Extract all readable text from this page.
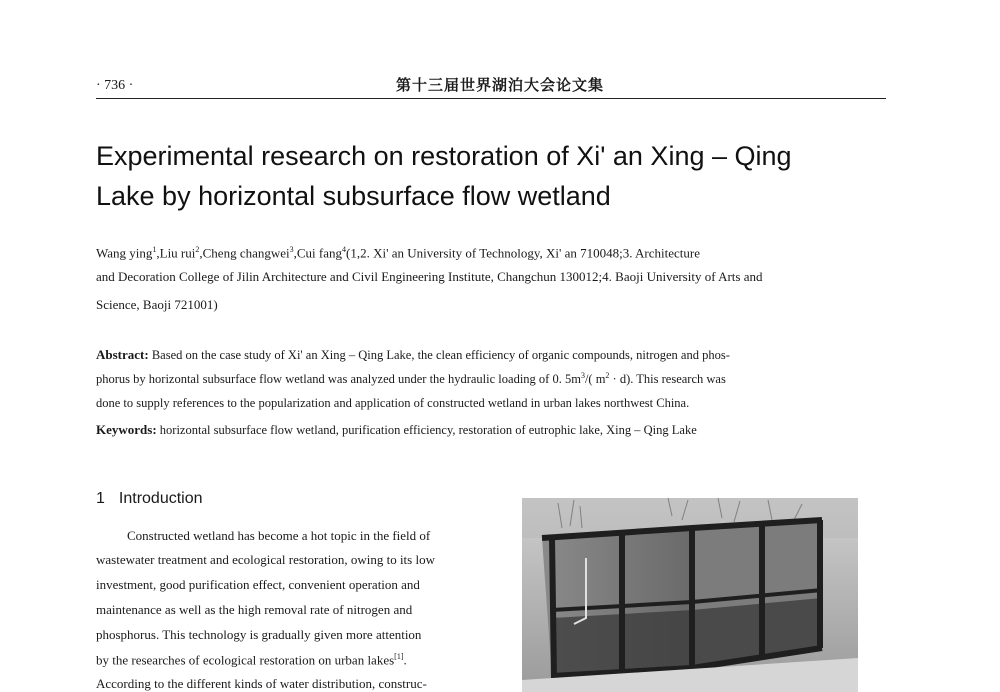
· 736 ·	第十三届世界湖泊大会论文集
Experimental research on restoration of Xi' an Xing – Qing
Lake by horizontal subsurface flow wetland
Wang ying$^1$,Liu rui$^2$,Cheng changwei$^3$,Cui fang$^4$(1,2. Xi' an University of Technology, Xi' an 710048;3. Architecture
and Decoration College of Jilin Architecture and Civil Engineering Institute, Changchun 130012;4. Baoji University of Arts and
Science, Baoji 721001)
Abstract: Based on the case study of Xi' an Xing – Qing Lake, the clean efficiency of organic compounds, nitrogen and phos-
phorus by horizontal subsurface flow wetland was analyzed under the hydraulic loading of 0. $5m^3/$( $m^2 \cdot d$). This research was
done to supply references to the popularization and application of constructed wetland in urban lakes northwest China.
Keywords: horizontal subsurface flow wetland, purification efficiency, restoration of eutrophic lake, Xing – Qing Lake
1 Introduction
Constructed wetland has become a hot topic in the field of
wastewater treatment and ecological restoration, owing to its low
investment, good purification effect, convenient operation and
maintenance as well as the high removal rate of nitrogen and
phosphorus. This technology is gradually given more attention
by the researches of ecological restoration on urban lakes[1].
According to the different kinds of water distribution, construc-
